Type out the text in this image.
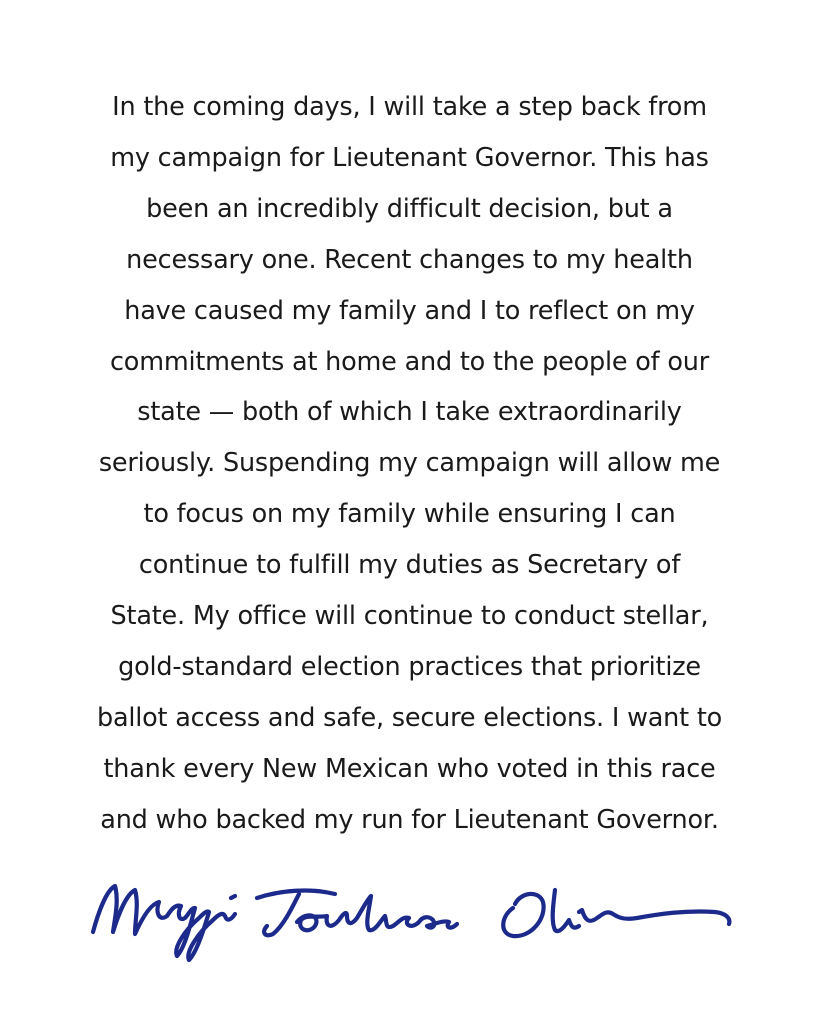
In the coming days, I will take a step back from
my campaign for Lieutenant Governor. This has
been an incredibly difficult decision, but a
necessary one. Recent changes to my health
have caused my family and I to reflect on my
commitments at home and to the people of our
state — both of which I take extraordinarily
seriously. Suspending my campaign will allow me
to focus on my family while ensuring I can
continue to fulfill my duties as Secretary of
State. My office will continue to conduct stellar,
gold-standard election practices that prioritize
ballot access and safe, secure elections. I want to
thank every New Mexican who voted in this race
and who backed my run for Lieutenant Governor.
